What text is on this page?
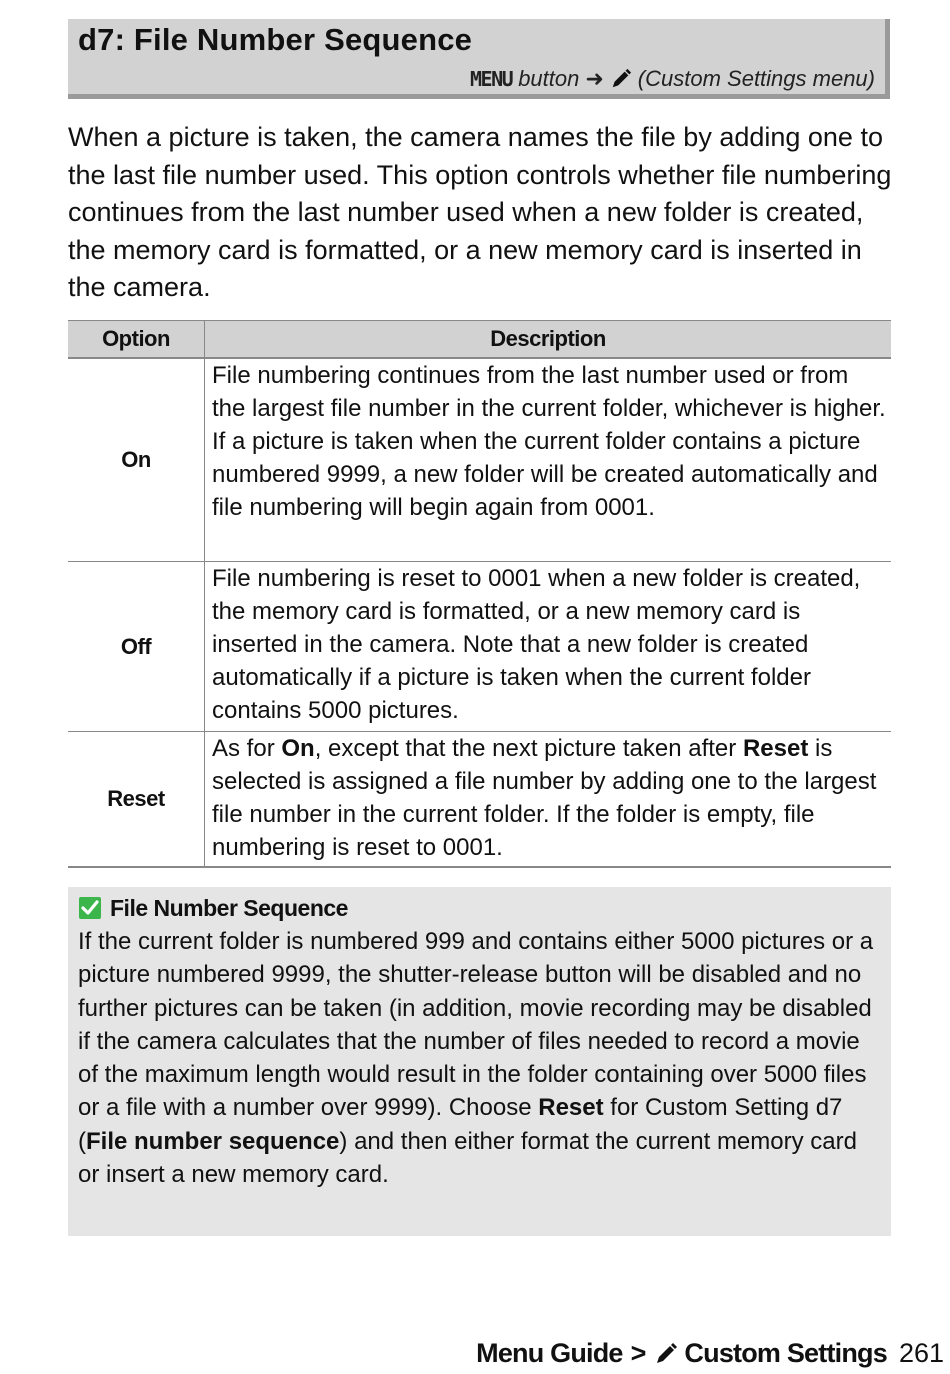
d7: File Number Sequence
MENU button ➜ (Custom Settings menu)
When a picture is taken, the camera names the file by adding one to the last file number used. This option controls whether file numbering continues from the last number used when a new folder is created, the memory card is formatted, or a new memory card is inserted in the camera.
Option	Description
On	File numbering continues from the last number used or from the largest file number in the current folder, whichever is higher. If a picture is taken when the current folder contains a picture numbered 9999, a new folder will be created automatically and file numbering will begin again from 0001.
Off	File numbering is reset to 0001 when a new folder is created, the memory card is formatted, or a new memory card is inserted in the camera. Note that a new folder is created automatically if a picture is taken when the current folder contains 5000 pictures.
Reset	As for On, except that the next picture taken after Reset is selected is assigned a file number by adding one to the largest file number in the current folder. If the folder is empty, file numbering is reset to 0001.
File Number Sequence
If the current folder is numbered 999 and contains either 5000 pictures or a picture numbered 9999, the shutter-release button will be disabled and no further pictures can be taken (in addition, movie recording may be disabled if the camera calculates that the number of files needed to record a movie of the maximum length would result in the folder containing over 5000 files or a file with a number over 9999). Choose Reset for Custom Setting d7 (File number sequence) and then either format the current memory card or insert a new memory card.
Menu Guide > Custom Settings 261
